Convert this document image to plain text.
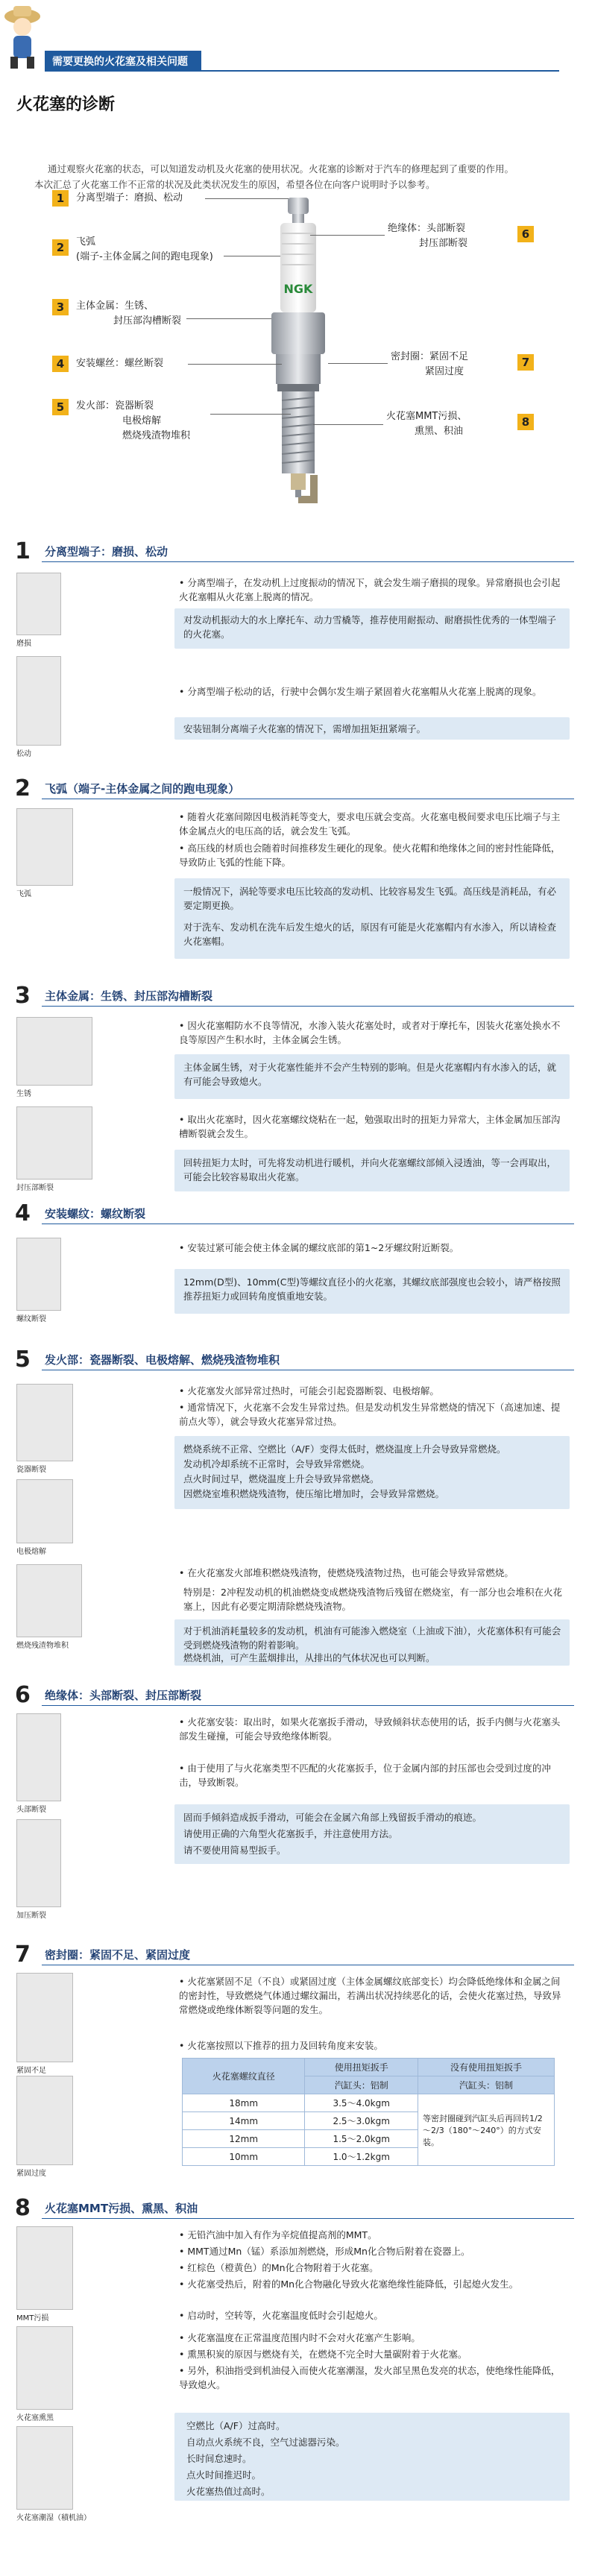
需要更换的火花塞及相关问题
火花塞的诊断
通过观察火花塞的状态，可以知道发动机及火花塞的使用状况。火花塞的诊断对于汽车的修理起到了重要的作用。
本次汇总了火花塞工作不正常的状况及此类状况发生的原因，希望各位在向客户说明时予以参考。
NGK
1	分离型端子：磨损、松动
2	飞弧
(端子-主体金属之间的跑电现象)
3	主体金属：生锈、
封压部沟槽断裂
4	安装螺丝：螺丝断裂
5	发火部：瓷器断裂
电极熔解
燃烧残渣物堆积
绝缘体：头部断裂
封压部断裂
6
密封圈：紧固不足
紧固过度
7
火花塞MMT污损、
熏黑、积油
8
1 分离型端子：磨损、松动
磨损
松动
• 分离型端子，在发动机上过度振动的情况下，就会发生端子磨损的现象。异常磨损也会引起火花塞帽从火花塞上脱离的情况。
对发动机振动大的水上摩托车、动力雪橇等，推荐使用耐振动、耐磨损性优秀的一体型端子的火花塞。
• 分离型端子松动的话，行驶中会偶尔发生端子紧固着火花塞帽从火花塞上脱离的现象。
安装钮制分离端子火花塞的情况下，需增加扭矩扭紧端子。
2 飞弧（端子-主体金属之间的跑电现象）
飞弧
• 随着火花塞间隙因电极消耗等变大，要求电压就会变高。火花塞电极间要求电压比端子与主体金属点火的电压高的话，就会发生飞弧。
• 高压线的材质也会随着时间推移发生硬化的现象。使火花帽和绝缘体之间的密封性能降低，导致防止飞弧的性能下降。
一般情况下，涡轮等要求电压比较高的发动机、比较容易发生飞弧。高压线是消耗品，有必要定期更换。
对于洗车、发动机在洗车后发生熄火的话，原因有可能是火花塞帽内有水渗入，所以请检查火花塞帽。
3 主体金属：生锈、封压部沟槽断裂
生锈
封压部断裂
• 因火花塞帽防水不良等情况，水渗入装火花塞处时，或者对于摩托车，因装火花塞处换水不良等原因产生积水时，主体金属会生锈。
主体金属生锈，对于火花塞性能并不会产生特别的影响。但是火花塞帽内有水渗入的话，就有可能会导致熄火。
• 取出火花塞时，因火花塞螺纹烧粘在一起，勉强取出时的扭矩力异常大，主体金属加压部沟槽断裂就会发生。
回转扭矩力太时，可先将发动机进行暖机，并向火花塞螺纹部倾入浸透油，等一会再取出，可能会比较容易取出火花塞。
4 安装螺纹：螺纹断裂
螺纹断裂
• 安装过紧可能会使主体金属的螺纹底部的第1~2牙螺纹附近断裂。
12mm(D型)、10mm(C型)等螺纹直径小的火花塞，其螺纹底部强度也会较小，请严格按照推荐扭矩力或回转角度慎重地安装。
5 发火部：瓷器断裂、电极熔解、燃烧残渣物堆积
瓷器断裂
电极熔解
燃烧残渣物堆积
• 火花塞发火部异常过热时，可能会引起瓷器断裂、电极熔解。
• 通常情况下，火花塞不会发生异常过热。但是发动机发生异常燃烧的情况下（高速加速、提前点火等），就会导致火花塞异常过热。
燃烧系统不正常、空燃比（A/F）变得太低时，燃烧温度上升会导致异常燃烧。
发动机冷却系统不正常时，会导致异常燃烧。
点火时间过早，燃烧温度上升会导致异常燃烧。
因燃烧室堆积燃烧残渣物，使压缩比增加时，会导致异常燃烧。
• 在火花塞发火部堆积燃烧残渣物，使燃烧残渣物过热，也可能会导致异常燃烧。
特别是：2冲程发动机的机油燃烧变成燃烧残渣物后残留在燃烧室，有一部分也会堆积在火花塞上，因此有必要定期清除燃烧残渣物。
对于机油消耗量较多的发动机，机油有可能渗入燃烧室（上油或下油），火花塞体积有可能会受到燃烧残渣物的附着影响。
燃烧机油，可产生蓝烟排出，从排出的气体状况也可以判断。
6 绝缘体：头部断裂、封压部断裂
头部断裂
加压断裂
• 火花塞安装：取出时，如果火花塞扳手滑动，导致倾斜状态使用的话，扳手内侧与火花塞头部发生碰撞，可能会导致绝缘体断裂。
• 由于使用了与火花塞类型不匹配的火花塞扳手，位于金属内部的封压部也会受到过度的冲击，导致断裂。
固而手倾斜造成扳手滑动，可能会在金属六角部上残留扳手滑动的痕迹。
请使用正确的六角型火花塞扳手，并注意使用方法。
请不要使用简易型扳手。
7 密封圈：紧固不足、紧固过度
紧固不足
紧固过度
• 火花塞紧固不足（不良）或紧固过度（主体金属螺纹底部变长）均会降低绝缘体和金属之间的密封性，导致燃烧气体通过螺纹漏出，若满出状况持续恶化的话，会使火花塞过热，导致异常燃烧或绝缘体断裂等问题的发生。
• 火花塞按照以下推荐的扭力及回转角度来安装。
火花塞螺纹直径	使用扭矩扳手	没有使用扭矩扳手
	汽缸头：铝制	汽缸头：铝制
18mm	3.5～4.0kgm	等密封圈碰到汽缸头后再回转1/2 ～2/3（180°～240°）的方式安装。
14mm	2.5～3.0kgm	
12mm	1.5～2.0kgm	
10mm	1.0～1.2kgm	
8 火花塞MMT污损、熏黑、积油
MMT污损
火花塞熏黑
火花塞潮湿（積机油）
• 无铅汽油中加入有作为辛烷值提高剂的MMT。
• MMT通过Mn（锰）系添加剂燃烧，形成Mn化合物后附着在瓷器上。
• 红棕色（橙黄色）的Mn化合物附着于火花塞。
• 火花塞受热后，附着的Mn化合物融化导致火花塞绝缘性能降低，引起熄火发生。
• 启动时，空转等，火花塞温度低时会引起熄火。
• 火花塞温度在正常温度范围内时不会对火花塞产生影响。
• 熏黑积炭的原因与燃烧有关，在燃烧不完全时大量碳附着于火花塞。
• 另外，积油指受到机油侵入而使火花塞潮湿，发火部呈黑色发亮的状态，使绝缘性能降低，导致熄火。
空燃比（A/F）过高时。
自动点火系统不良，空气过滤器污染。
长时间怠速时。
点火时间推迟时。
火花塞热值过高时。
